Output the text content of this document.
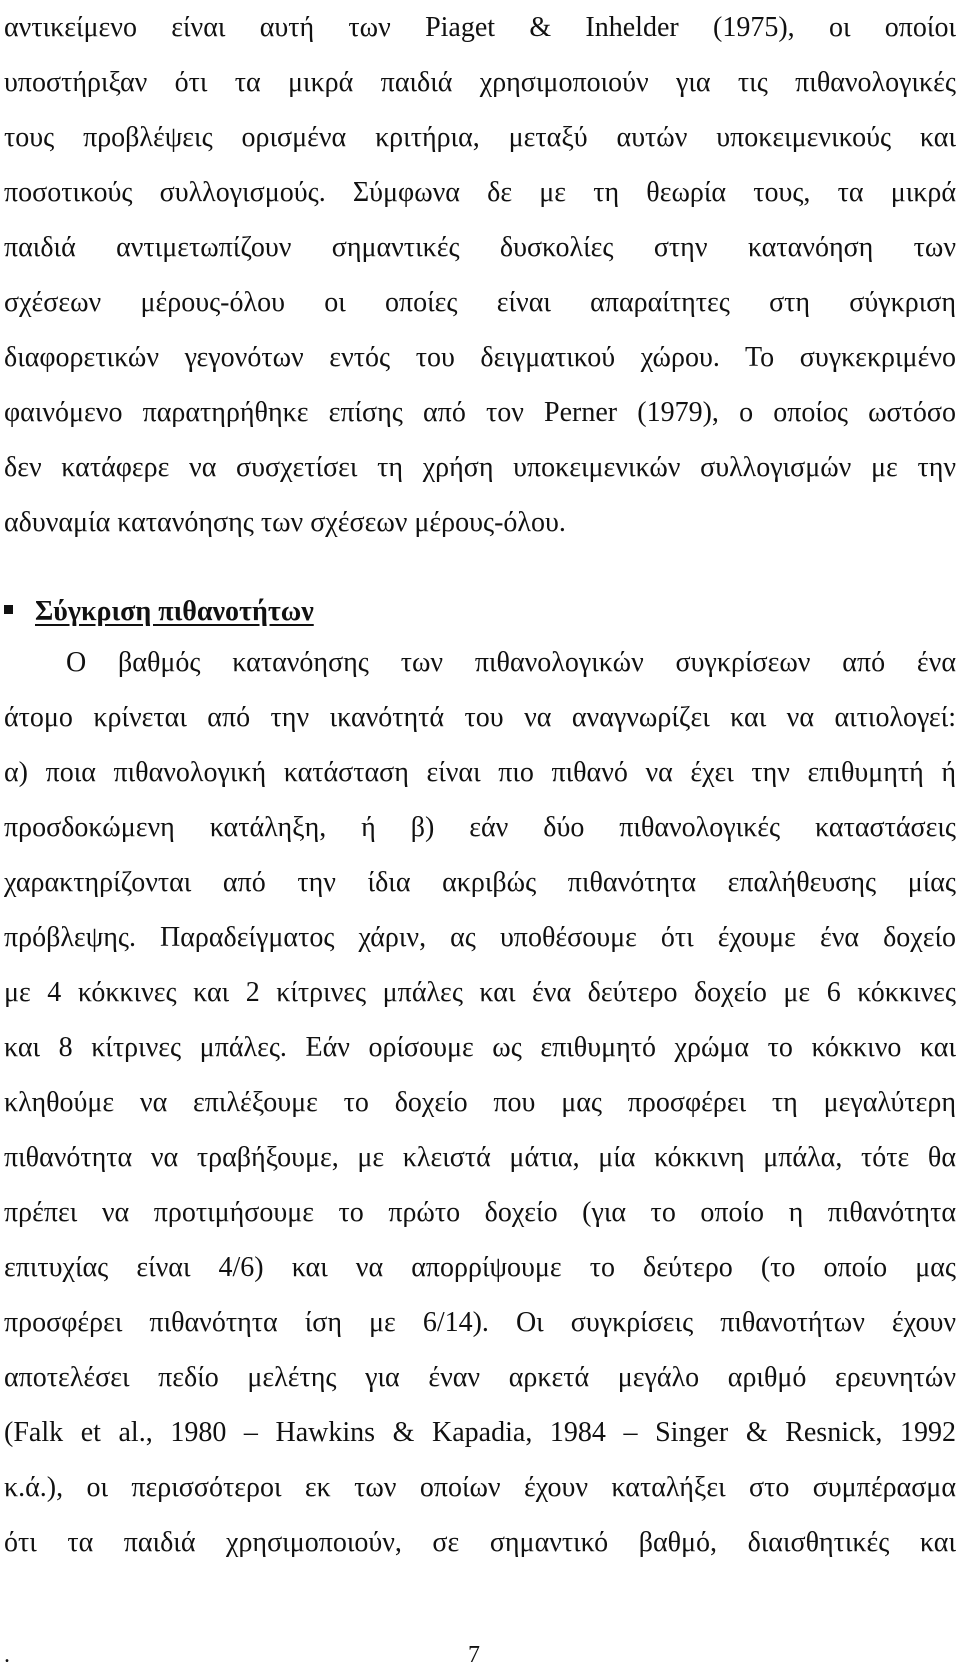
αντικείμενο είναι αυτή των Piaget & Inhelder (1975), οι οποίοι
υποστήριξαν ότι τα μικρά παιδιά χρησιμοποιούν για τις πιθανολογικές
τους προβλέψεις ορισμένα κριτήρια, μεταξύ αυτών υποκειμενικούς και
ποσοτικούς συλλογισμούς. Σύμφωνα δε με τη θεωρία τους, τα μικρά
παιδιά αντιμετωπίζουν σημαντικές δυσκολίες στην κατανόηση των
σχέσεων μέρους-όλου οι οποίες είναι απαραίτητες στη σύγκριση
διαφορετικών γεγονότων εντός του δειγματικού χώρου. Το συγκεκριμένο
φαινόμενο παρατηρήθηκε επίσης από τον Perner (1979), ο οποίος ωστόσο
δεν κατάφερε να συσχετίσει τη χρήση υποκειμενικών συλλογισμών με την
αδυναμία κατανόησης των σχέσεων μέρους-όλου.
Σύγκριση πιθανοτήτων
Ο βαθμός κατανόησης των πιθανολογικών συγκρίσεων από ένα
άτομο κρίνεται από την ικανότητά του να αναγνωρίζει και να αιτιολογεί:
α) ποια πιθανολογική κατάσταση είναι πιο πιθανό να έχει την επιθυμητή ή
προσδοκώμενη κατάληξη, ή β) εάν δύο πιθανολογικές καταστάσεις
χαρακτηρίζονται από την ίδια ακριβώς πιθανότητα επαλήθευσης μίας
πρόβλεψης. Παραδείγματος χάριν, ας υποθέσουμε ότι έχουμε ένα δοχείο
με 4 κόκκινες και 2 κίτρινες μπάλες και ένα δεύτερο δοχείο με 6 κόκκινες
και 8 κίτρινες μπάλες. Εάν ορίσουμε ως επιθυμητό χρώμα το κόκκινο και
κληθούμε να επιλέξουμε το δοχείο που μας προσφέρει τη μεγαλύτερη
πιθανότητα να τραβήξουμε, με κλειστά μάτια, μία κόκκινη μπάλα, τότε θα
πρέπει να προτιμήσουμε το πρώτο δοχείο (για το οποίο η πιθανότητα
επιτυχίας είναι 4/6) και να απορρίψουμε το δεύτερο (το οποίο μας
προσφέρει πιθανότητα ίση με 6/14). Οι συγκρίσεις πιθανοτήτων έχουν
αποτελέσει πεδίο μελέτης για έναν αρκετά μεγάλο αριθμό ερευνητών
(Falk et al., 1980 – Hawkins & Kapadia, 1984 – Singer & Resnick, 1992
κ.ά.), οι περισσότεροι εκ των οποίων έχουν καταλήξει στο συμπέρασμα
ότι τα παιδιά χρησιμοποιούν, σε σημαντικό βαθμό, διαισθητικές και
.	7
